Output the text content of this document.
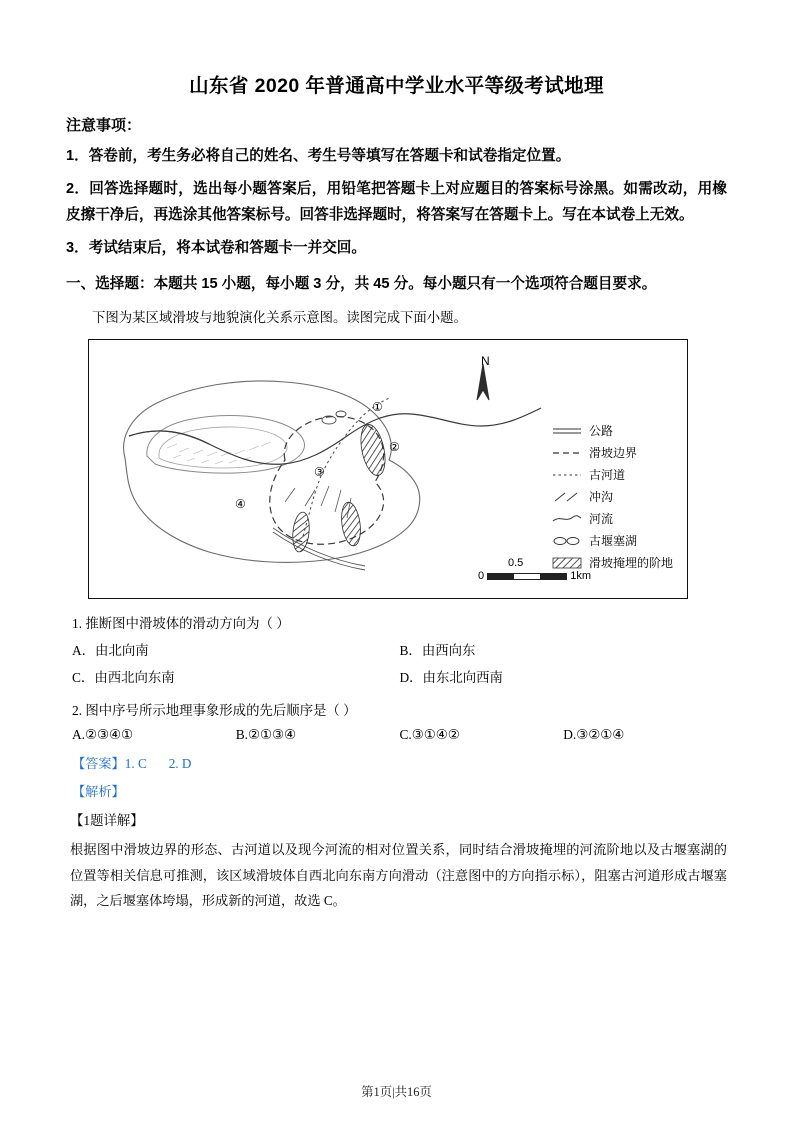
山东省 2020 年普通高中学业水平等级考试地理
注意事项：
1．答卷前，考生务必将自己的姓名、考生号等填写在答题卡和试卷指定位置。
2．回答选择题时，选出每小题答案后，用铅笔把答题卡上对应题目的答案标号涂黑。如需改动，用橡皮擦干净后，再选涂其他答案标号。回答非选择题时，将答案写在答题卡上。写在本试卷上无效。
3．考试结束后，将本试卷和答题卡一并交回。
一、选择题：本题共 15 小题，每小题 3 分，共 45 分。每小题只有一个选项符合题目要求。
下图为某区域滑坡与地貌演化关系示意图。读图完成下面小题。
N
①
②
③
④
公路
滑坡边界
古河道
冲沟
河流
古堰塞湖
滑坡掩埋的阶地
0	1km
0.5
1. 推断图中滑坡体的滑动方向为（ ）
A．由北向南	B．由西向东
C．由西北向东南	D．由东北向西南
2. 图中序号所示地理事象形成的先后顺序是（ ）
A.②③④①	B.②①③④	C.③①④②	D.③②①④
【答案】1. C 2. D
【解析】
【1题详解】
根据图中滑坡边界的形态、古河道以及现今河流的相对位置关系，同时结合滑坡掩埋的河流阶地以及古堰塞湖的位置等相关信息可推测，该区域滑坡体自西北向东南方向滑动（注意图中的方向指示标），阻塞古河道形成古堰塞湖，之后堰塞体垮塌，形成新的河道，故选 C。
第1页|共16页
